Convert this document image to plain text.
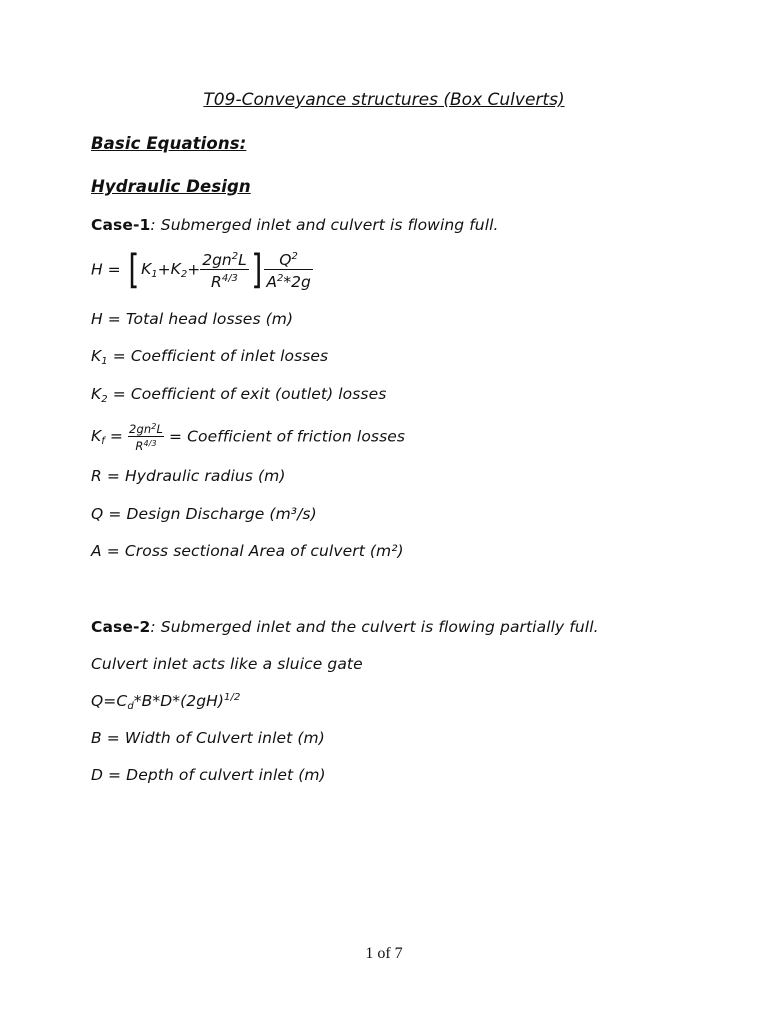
T09-Conveyance structures (Box Culverts)
Basic Equations:
Hydraulic Design
Case-1: Submerged inlet and culvert is flowing full.
H = [ $K_1+K_2+ \frac{2gn^2L}{R^{4/3}}$ ] $\frac{Q^2}{A^2*2g}$
H = Total head losses (m)
$K_1$ = Coefficient of inlet losses
$K_2$ = Coefficient of exit (outlet) losses
$K_f = \frac{2gn^2L}{R^{4/3}}$ = Coefficient of friction losses
R = Hydraulic radius (m)
Q = Design Discharge (m³/s)
A = Cross sectional Area of culvert (m²)
Case-2: Submerged inlet and the culvert is flowing partially full.
Culvert inlet acts like a sluice gate
$Q=C_d*B*D*(2gH)^{1/2}$
B = Width of Culvert inlet (m)
D = Depth of culvert inlet (m)
1 of 7
